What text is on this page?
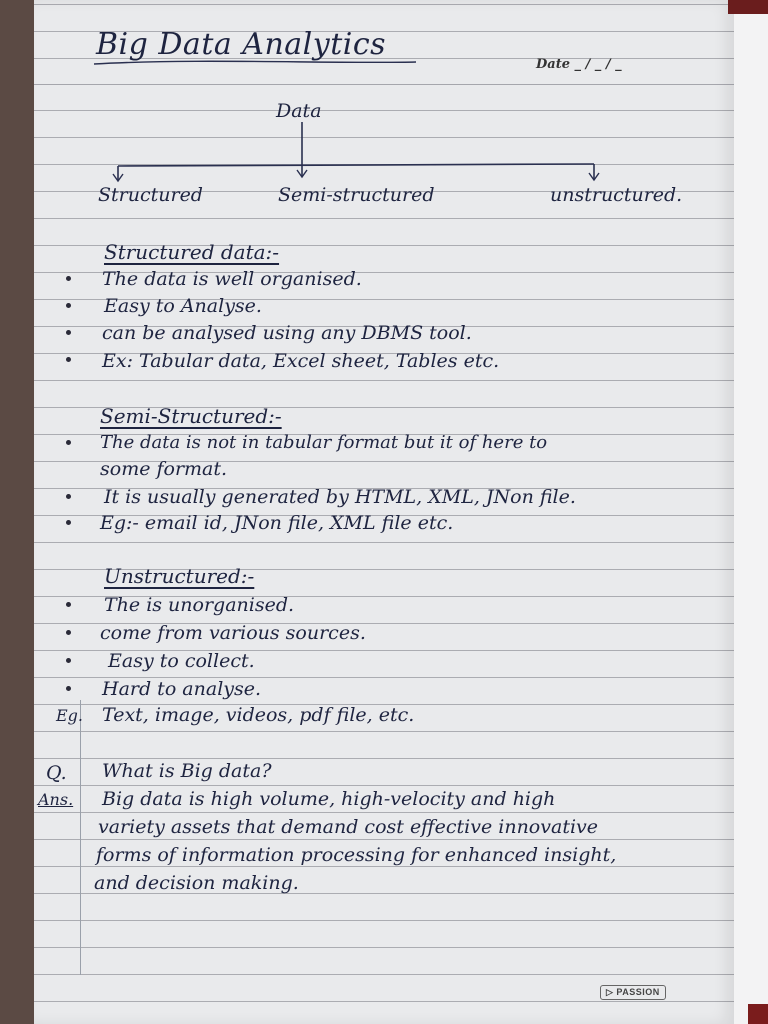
Big Data Analytics
Date _ / _ / _
Data
Structured	Semi-structured	unstructured.
Structured data:-
The data is well organised.
Easy to Analyse.
can be analysed using any DBMS tool.
Ex: Tabular data, Excel sheet, Tables etc.
Semi-Structured:-
The data is not in tabular format but it of here to
some format.
It is usually generated by HTML, XML, JNon file.
Eg:- email id, JNon file, XML file etc.
Unstructured:-
The is unorganised.
come from various sources.
Easy to collect.
Hard to analyse.
Eg. Text, image, videos, pdf file, etc.
Q. What is Big data?
Ans. Big data is high volume, high-velocity and high
variety assets that demand cost effective innovative
forms of information processing for enhanced insight,
and decision making.
▷ PASSION
